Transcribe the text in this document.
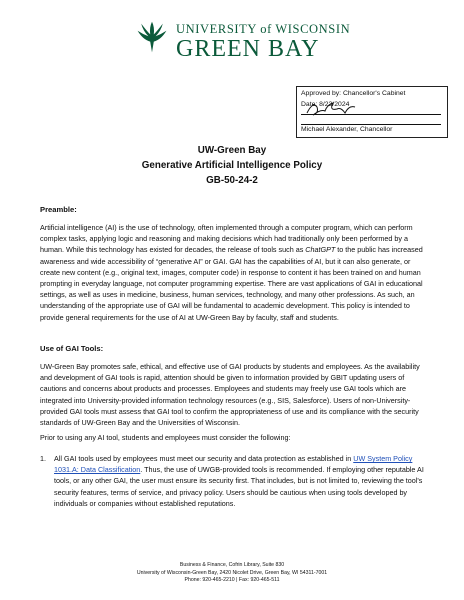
UNIVERSITY of WISCONSIN
GREEN BAY
Approved by: Chancellor's Cabinet
Date: 8/23/2024
Michael Alexander, Chancellor
UW-Green Bay
Generative Artificial Intelligence Policy
GB-50-24-2
Preamble:

Artificial intelligence (AI) is the use of technology, often implemented through a computer program, which can perform complex tasks, applying logic and reasoning and making decisions which had traditionally only been performed by a human. While this technology has existed for decades, the release of tools such as ChatGPT to the public has increased awareness and wide accessibility of “generative AI” or GAI. GAI has the capabilities of AI, but it can also generate, or create new content (e.g., original text, images, computer code) in response to content it has been trained on and human prompting in everyday language, not computer programming expertise. There are vast applications of GAI in educational settings, as well as uses in medicine, business, human services, technology, and many other professions. As such, an understanding of the appropriate use of GAI will be fundamental to academic development. This policy is intended to provide general requirements for the use of AI at UW-Green Bay by faculty, staff and students.

Use of GAI Tools:

UW-Green Bay promotes safe, ethical, and effective use of GAI products by students and employees. As the availability and development of GAI tools is rapid, attention should be given to information provided by GBIT updating users of cautions and concerns about products and processes. Employees and students may freely use GAI tools which are integrated into University-provided information technology resources (e.g., SIS, Salesforce). Users of non-University-provided GAI tools must assess that GAI tool to confirm the appropriateness of use and its compliance with the security standards of UW-Green Bay and the Universities of Wisconsin.

Prior to using any AI tool, students and employees must consider the following:

1. All GAI tools used by employees must meet our security and data protection as established in UW System Policy 1031.A: Data Classification. Thus, the use of UWGB-provided tools is recommended. If employing other reputable AI tools, or any other GAI, the user must ensure its security first. That includes, but is not limited to, reviewing the tool's security features, terms of service, and privacy policy. Users should be cautious when using tools developed by individuals or companies without established reputations.
Business & Finance, Cofrin Library, Suite 830
University of Wisconsin-Green Bay, 2420 Nicolet Drive, Green Bay, WI 54311-7001
Phone: 920-465-2210 | Fax: 920-465-511
